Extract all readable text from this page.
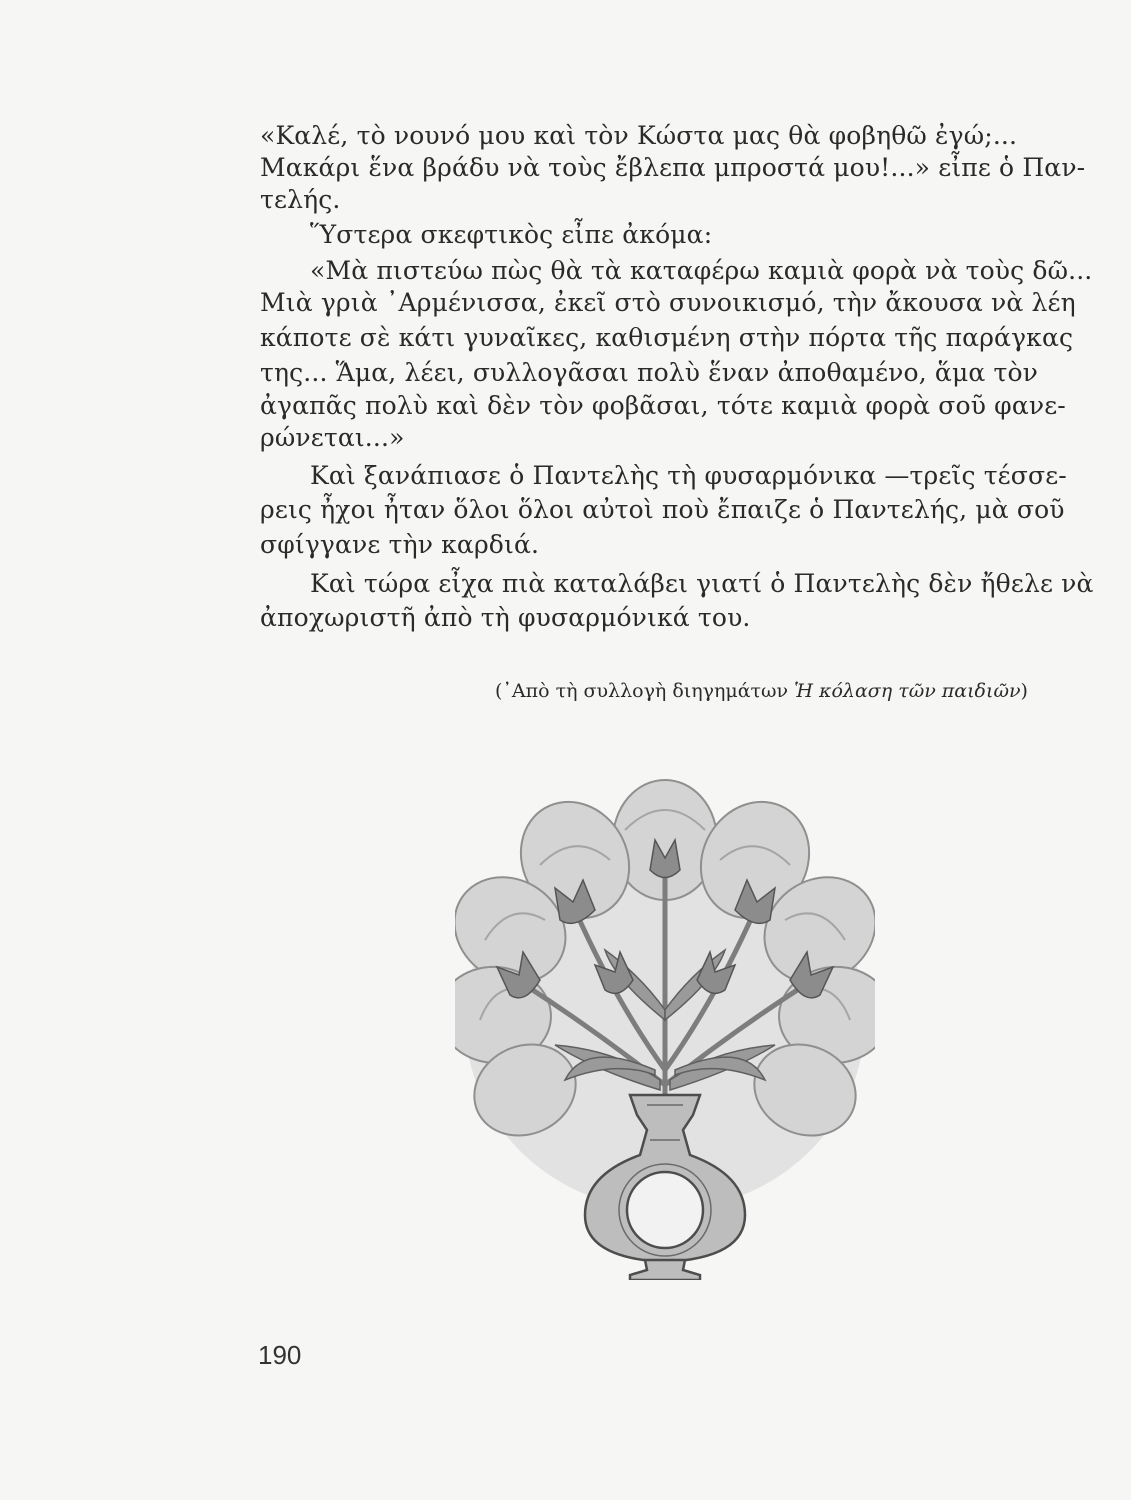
«Καλέ, τὸ νουνό μου καὶ τὸν Κώστα μας θὰ φοβηθῶ ἐγώ;...
Μακάρι ἕνα βράδυ νὰ τοὺς ἔβλεπα μπροστά μου!...» εἶπε ὁ Παν-
τελής.
Ὕστερα σκεφτικὸς εἶπε ἀκόμα:
«Μὰ πιστεύω πὼς θὰ τὰ καταφέρω καμιὰ φορὰ νὰ τοὺς δῶ...
Μιὰ γριὰ ᾿Αρμένισσα, ἐκεῖ στὸ συνοικισμό, τὴν ἄκουσα νὰ λέη
κάποτε σὲ κάτι γυναῖκες, καθισμένη στὴν πόρτα τῆς παράγκας
της... Ἅμα, λέει, συλλογᾶσαι πολὺ ἕναν ἀποθαμένο, ἅμα τὸν
ἀγαπᾶς πολὺ καὶ δὲν τὸν φοβᾶσαι, τότε καμιὰ φορὰ σοῦ φανε-
ρώνεται...»
Καὶ ξανάπιασε ὁ Παντελὴς τὴ φυσαρμόνικα —τρεῖς τέσσε-
ρεις ἦχοι ἦταν ὅλοι ὅλοι αὐτοὶ ποὺ ἔπαιζε ὁ Παντελής, μὰ σοῦ
σφίγγανε τὴν καρδιά.
Καὶ τώρα εἶχα πιὰ καταλάβει γιατί ὁ Παντελὴς δὲν ἤθελε νὰ
ἀποχωριστῆ ἀπὸ τὴ φυσαρμόνικά του.
(᾿Απὸ τὴ συλλογὴ διηγημάτων Ἡ κόλαση τῶν παιδιῶν)
190
